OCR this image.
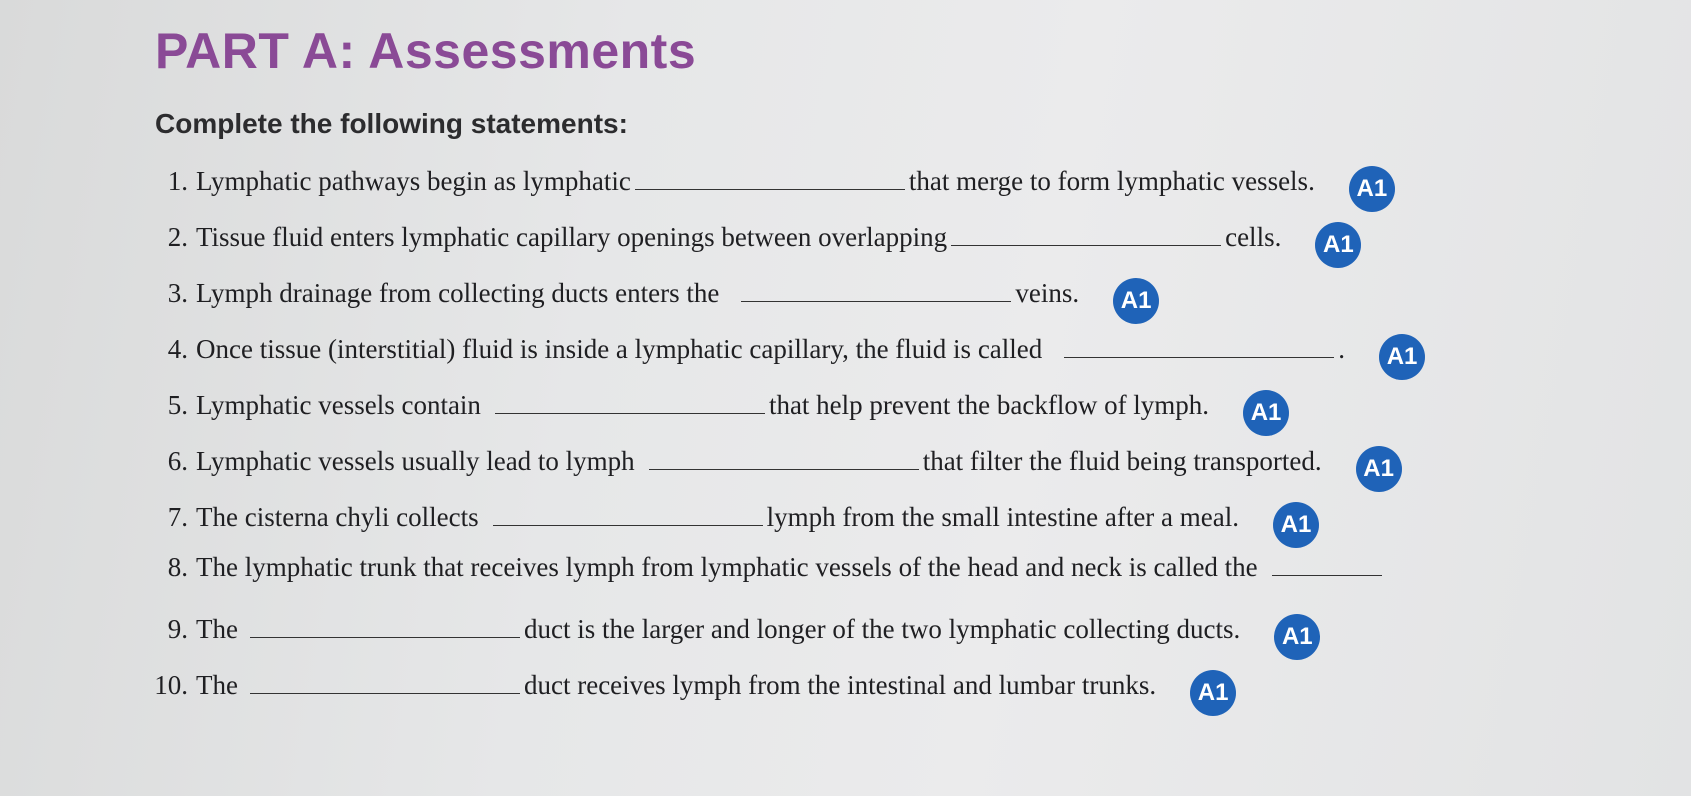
PART A: Assessments
Complete the following statements:
1. Lymphatic pathways begin as lymphatic	that merge to form lymphatic vessels.	A1
2. Tissue fluid enters lymphatic capillary openings between overlapping	cells.	A1
3. Lymph drainage from collecting ducts enters the	veins.	A1
4. Once tissue (interstitial) fluid is inside a lymphatic capillary, the fluid is called	.	A1
5. Lymphatic vessels contain	that help prevent the backflow of lymph.	A1
6. Lymphatic vessels usually lead to lymph	that filter the fluid being transported.	A1
7. The cisterna chyli collects	lymph from the small intestine after a meal.	A1
8. The lymphatic trunk that receives lymph from lymphatic vessels of the head and neck is called the
9. The	duct is the larger and longer of the two lymphatic collecting ducts.	A1
10. The	duct receives lymph from the intestinal and lumbar trunks.	A1
